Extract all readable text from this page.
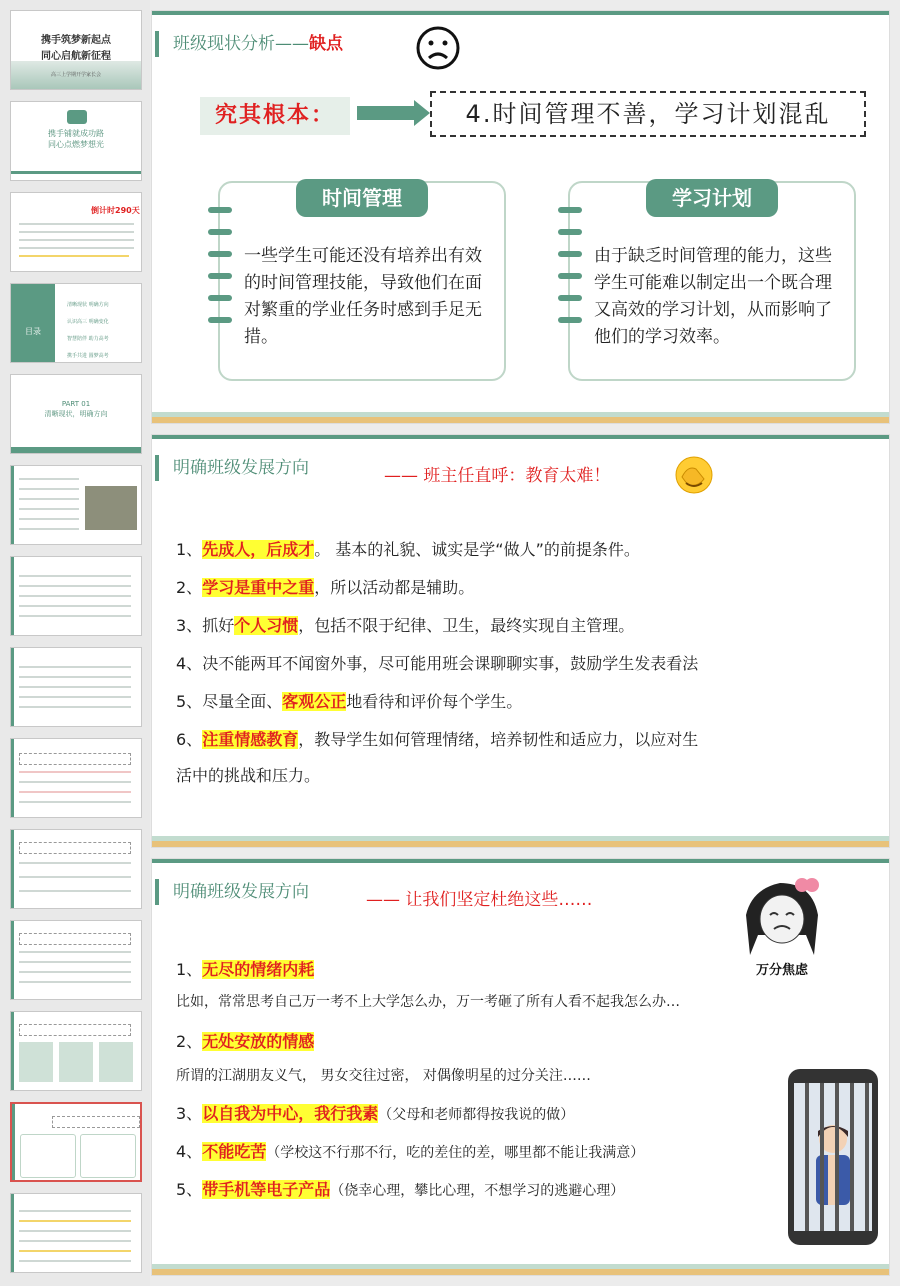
携手筑梦新起点
同心启航新征程
高三上学期开学家长会
携手铺就成功路
同心点燃梦想光
倒计时290天
目录
清晰现状 明确方向
认识高三 明确变化
智慧陪伴 助力高考
携手共进 圆梦高考
PART 01
清晰现状，明确方向
班级现状分析——缺点
究其根本：	4.时间管理不善，学习计划混乱
时间管理
一些学生可能还没有培养出有效的时间管理技能，导致他们在面对繁重的学业任务时感到手足无措。
学习计划
由于缺乏时间管理的能力，这些学生可能难以制定出一个既合理又高效的学习计划，从而影响了他们的学习效率。
明确班级发展方向	—— 班主任直呼：教育太难！
1、先成人，后成才。 基本的礼貌、诚实是学“做人”的前提条件。
2、学习是重中之重，所以活动都是辅助。
3、抓好个人习惯，包括不限于纪律、卫生，最终实现自主管理。
4、决不能两耳不闻窗外事，尽可能用班会课聊聊实事，鼓励学生发表看法
5、尽量全面、客观公正地看待和评价每个学生。
6、注重情感教育，教导学生如何管理情绪，培养韧性和适应力，以应对生
活中的挑战和压力。
明确班级发展方向	—— 让我们坚定杜绝这些……
万分焦虑
1、无尽的情绪内耗
比如，常常思考自己万一考不上大学怎么办，万一考砸了所有人看不起我怎么办…
2、无处安放的情感
所谓的江湖朋友义气， 男女交往过密， 对偶像明星的过分关注……
3、以自我为中心，我行我素（父母和老师都得按我说的做）
4、不能吃苦（学校这不行那不行，吃的差住的差，哪里都不能让我满意）
5、带手机等电子产品（侥幸心理，攀比心理，不想学习的逃避心理）
